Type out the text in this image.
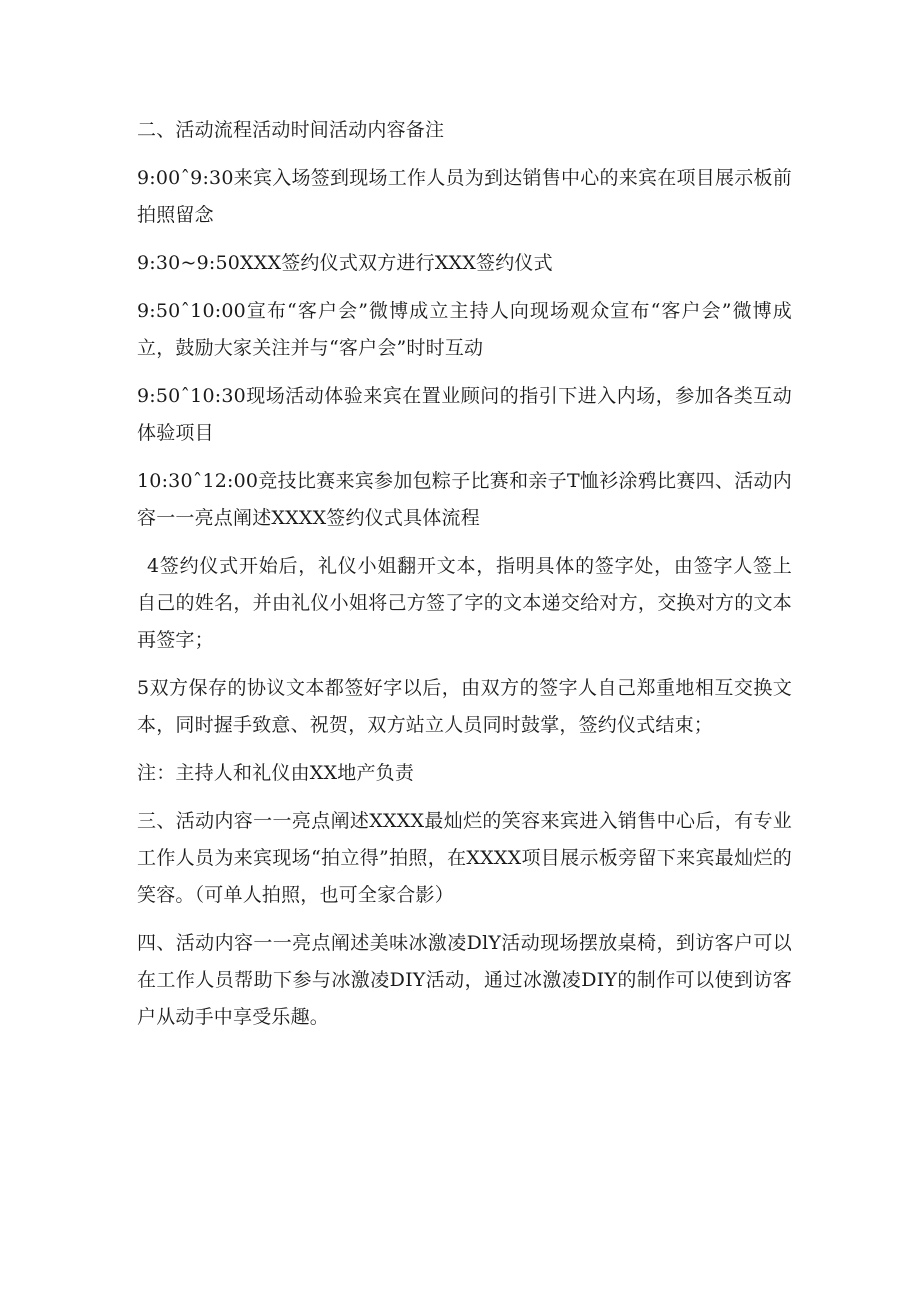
二、活动流程活动时间活动内容备注

9:00ˆ9:30来宾入场签到现场工作人员为到达销售中心的来宾在项目展示板前拍照留念

9:30~9:50XXX签约仪式双方进行XXX签约仪式

9:50ˆ10:00宣布“客户会”微博成立主持人向现场观众宣布“客户会”微博成立，鼓励大家关注并与“客户会”时时互动

9:50ˆ10:30现场活动体验来宾在置业顾问的指引下进入内场，参加各类互动体验项目

10:30ˆ12:00竞技比赛来宾参加包粽子比赛和亲子T恤衫涂鸦比赛四、活动内容一一亮点阐述XXXX签约仪式具体流程

4签约仪式开始后，礼仪小姐翻开文本，指明具体的签字处，由签字人签上自己的姓名，并由礼仪小姐将己方签了字的文本递交给对方，交换对方的文本再签字；

5双方保存的协议文本都签好字以后，由双方的签字人自己郑重地相互交换文本，同时握手致意、祝贺，双方站立人员同时鼓掌，签约仪式结束；

注：主持人和礼仪由XX地产负责

三、活动内容一一亮点阐述XXXX最灿烂的笑容来宾进入销售中心后，有专业工作人员为来宾现场“拍立得”拍照，在XXXX项目展示板旁留下来宾最灿烂的笑容。（可单人拍照，也可全家合影）

四、活动内容一一亮点阐述美味冰激凌DlY活动现场摆放桌椅，到访客户可以在工作人员帮助下参与冰激凌DIY活动，通过冰激凌DIY的制作可以使到访客户从动手中享受乐趣。
